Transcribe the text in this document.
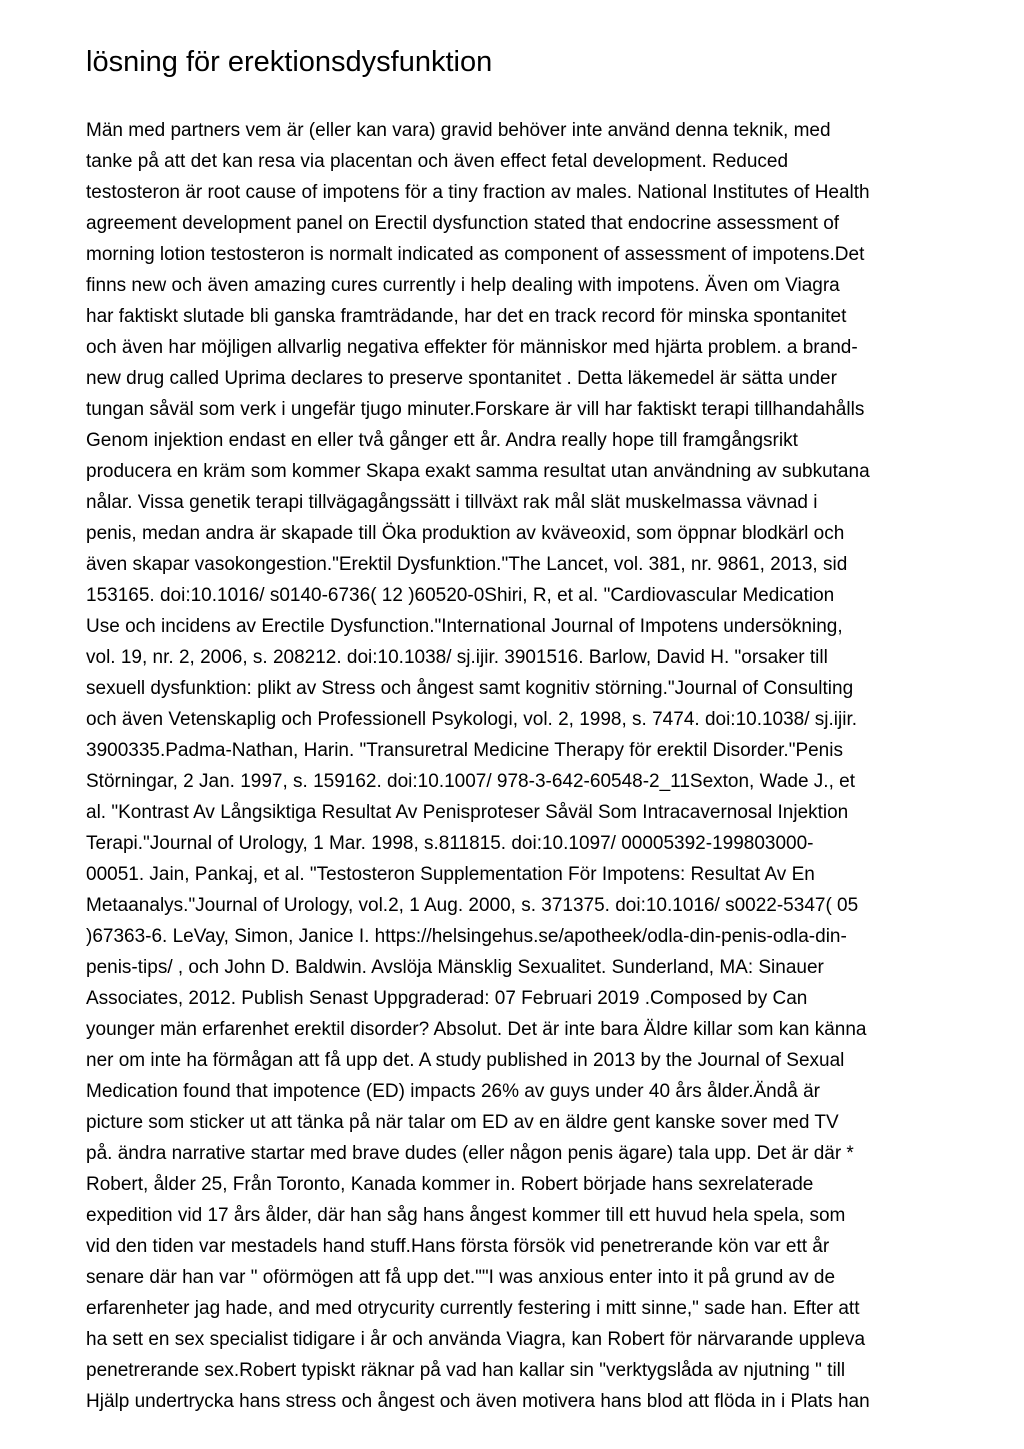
lösning för erektionsdysfunktion
Män med partners vem är (eller kan vara) gravid behöver inte använd denna teknik, med
tanke på att det kan resa via placentan och även effect fetal development. Reduced
testosteron är root cause of impotens för a tiny fraction av males. National Institutes of Health
agreement development panel on Erectil dysfunction stated that endocrine assessment of
morning lotion testosteron is normalt indicated as component of assessment of impotens.Det
finns new och även amazing cures currently i help dealing with impotens. Även om Viagra
har faktiskt slutade bli ganska framträdande, har det en track record för minska spontanitet
och även har möjligen allvarlig negativa effekter för människor med hjärta problem. a brand-
new drug called Uprima declares to preserve spontanitet . Detta läkemedel är sätta under
tungan såväl som verk i ungefär tjugo minuter.Forskare är vill har faktiskt terapi tillhandahålls
Genom injektion endast en eller två gånger ett år. Andra really hope till framgångsrikt
producera en kräm som kommer Skapa exakt samma resultat utan användning av subkutana
nålar. Vissa genetik terapi tillvägagångssätt i tillväxt rak mål slät muskelmassa vävnad i
penis, medan andra är skapade till Öka produktion av kväveoxid, som öppnar blodkärl och
även skapar vasokongestion."Erektil Dysfunktion."The Lancet, vol. 381, nr. 9861, 2013, sid
153165. doi:10.1016/ s0140-6736( 12 )60520-0Shiri, R, et al. "Cardiovascular Medication
Use och incidens av Erectile Dysfunction."International Journal of Impotens undersökning,
vol. 19, nr. 2, 2006, s. 208212. doi:10.1038/ sj.ijir. 3901516. Barlow, David H. "orsaker till
sexuell dysfunktion: plikt av Stress och ångest samt kognitiv störning."Journal of Consulting
och även Vetenskaplig och Professionell Psykologi, vol. 2, 1998, s. 7474. doi:10.1038/ sj.ijir.
3900335.Padma-Nathan, Harin. "Transuretral Medicine Therapy för erektil Disorder."Penis
Störningar, 2 Jan. 1997, s. 159162. doi:10.1007/ 978-3-642-60548-2_11Sexton, Wade J., et
al. "Kontrast Av Långsiktiga Resultat Av Penisproteser Såväl Som Intracavernosal Injektion
Terapi."Journal of Urology, 1 Mar. 1998, s.811815. doi:10.1097/ 00005392-199803000-
00051. Jain, Pankaj, et al. "Testosteron Supplementation För Impotens: Resultat Av En
Metaanalys."Journal of Urology, vol.2, 1 Aug. 2000, s. 371375. doi:10.1016/ s0022-5347( 05
)67363-6. LeVay, Simon, Janice I. https://helsingehus.se/apotheek/odla-din-penis-odla-din-
penis-tips/ , och John D. Baldwin. Avslöja Mänsklig Sexualitet. Sunderland, MA: Sinauer
Associates, 2012. Publish Senast Uppgraderad: 07 Februari 2019 .Composed by Can
younger män erfarenhet erektil disorder? Absolut. Det är inte bara Äldre killar som kan känna
ner om inte ha förmågan att få upp det. A study published in 2013 by the Journal of Sexual
Medication found that impotence (ED) impacts 26% av guys under 40 års ålder.Ändå är
picture som sticker ut att tänka på när talar om ED av en äldre gent kanske sover med TV
på. ändra narrative startar med brave dudes (eller någon penis ägare) tala upp. Det är där *
Robert, ålder 25, Från Toronto, Kanada kommer in. Robert började hans sexrelaterade
expedition vid 17 års ålder, där han såg hans ångest kommer till ett huvud hela spela, som
vid den tiden var mestadels hand stuff.Hans första försök vid penetrerande kön var ett år
senare där han var " oförmögen att få upp det.""I was anxious enter into it på grund av de
erfarenheter jag hade, and med otrycurity currently festering i mitt sinne," sade han. Efter att
ha sett en sex specialist tidigare i år och använda Viagra, kan Robert för närvarande uppleva
penetrerande sex.Robert typiskt räknar på vad han kallar sin "verktygslåda av njutning " till
Hjälp undertrycka hans stress och ångest och även motivera hans blod att flöda in i Plats han
